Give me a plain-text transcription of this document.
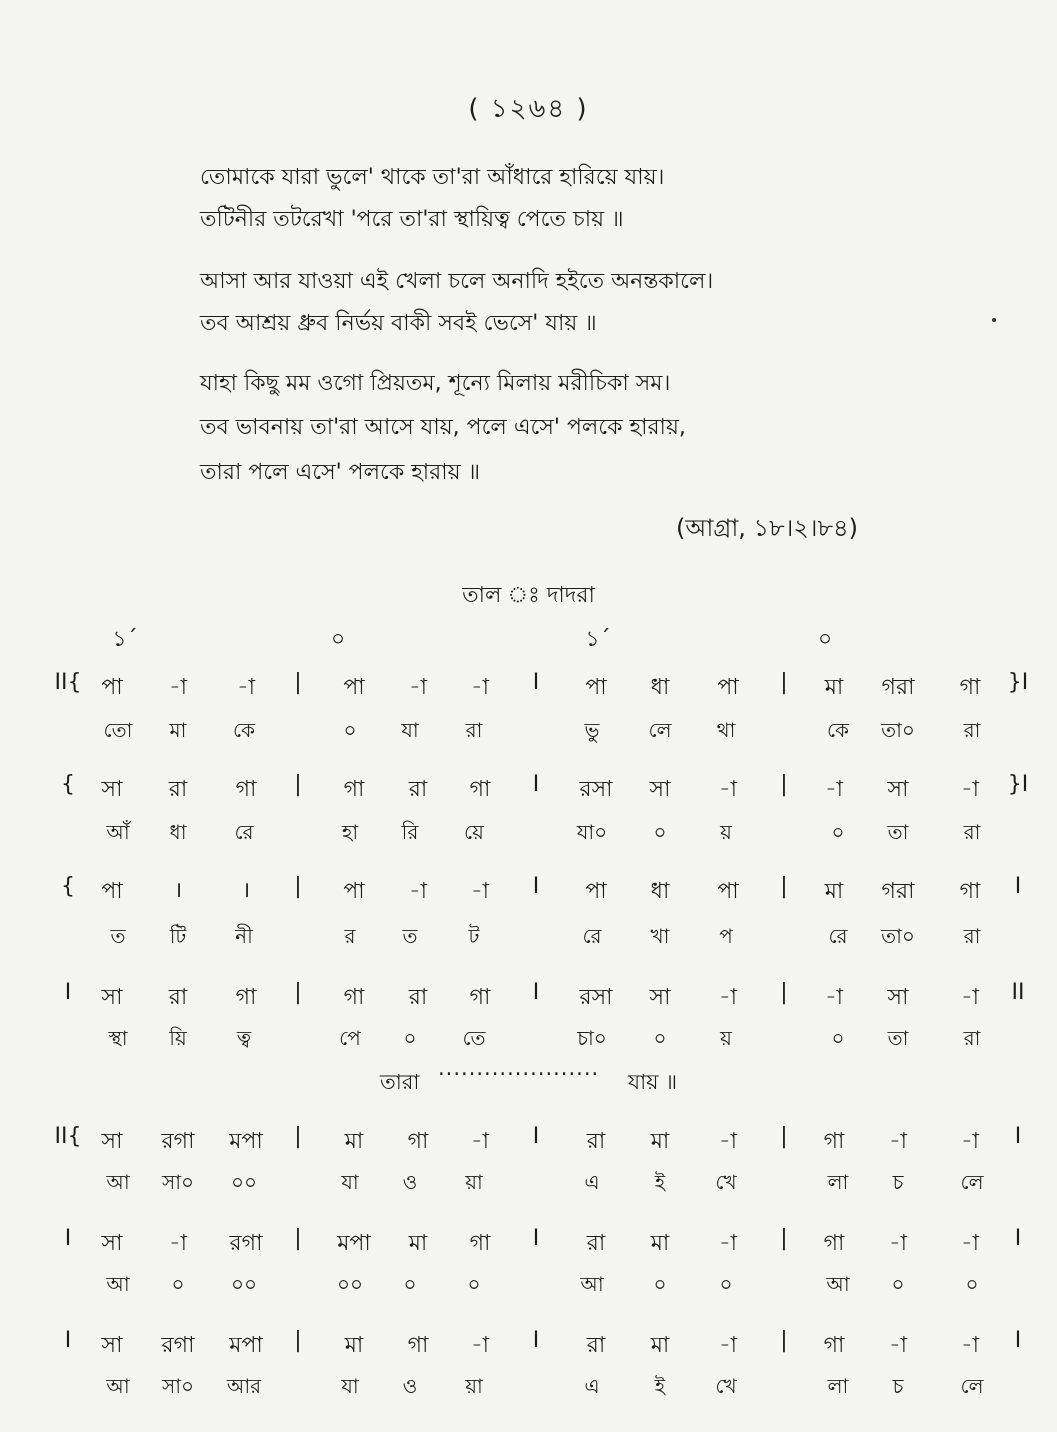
( ১২৬৪ )
তোমাকে যারা ভুলে' থাকে তা'রা আঁধারে হারিয়ে যায়।
তটিনীর তটরেখা 'পরে তা'রা স্থায়িত্ব পেতে চায় ॥
আসা আর যাওয়া এই খেলা চলে অনাদি হইতে অনন্তকালে।
তব আশ্রয় ধ্রুব নির্ভয় বাকী সবই ভেসে' যায় ॥
যাহা কিছু মম ওগো প্রিয়তম, শূন্যে মিলায় মরীচিকা সম।
তব ভাবনায় তা'রা আসে যায়, পলে এসে' পলকে হারায়,
তারা পলে এসে' পলকে হারায় ॥
(আগ্রা, ১৮।২।৮৪)
তাল ঃ দাদরা
১´	০	১´	০
II{ পা -া -া | পা -া -া I পা ধা পা | মা গরা গা }I
তো মা কে	০ যা রা	ভু লে থা	কে তা০ রা
{ সা রা গা | গা রা গা I রসা সা -া | -া সা -া }I
আঁ ধা রে	হা রি য়ে	যা০ ০	য়	০ তা	রা
{ পা ।	। | পা -া -া I পা ধা পা | মা গরা গা I
ত টি নী	র ত	ট	রে খা প	রে তা০ রা
I সা রা গা | গা রা গা I রসা সা -া | -া সা -া II
স্থা য়ি	ত্ব	পে ০ তে	চা০ ০	য়	০ তা	রা
II{ সা রগা মপা | মা গা -া I রা মা -া | গা -া -া I
আ সা০ ০০	যা ও য়া	এ	ই	খে	লা চ	লে
I সা -া রগা | মপা মা গা I রা মা -া | গা -া -া I
আ ০ ০০	০০ ০	০	আ ০	০	আ ০	০
I সা রগা মপা | মা গা -া I রা মা -া | গা -া -া I
আ সা০ আর	যা ও য়া	এ	ই	খে	লা চ	লে
তারা ····················· যায় ॥
